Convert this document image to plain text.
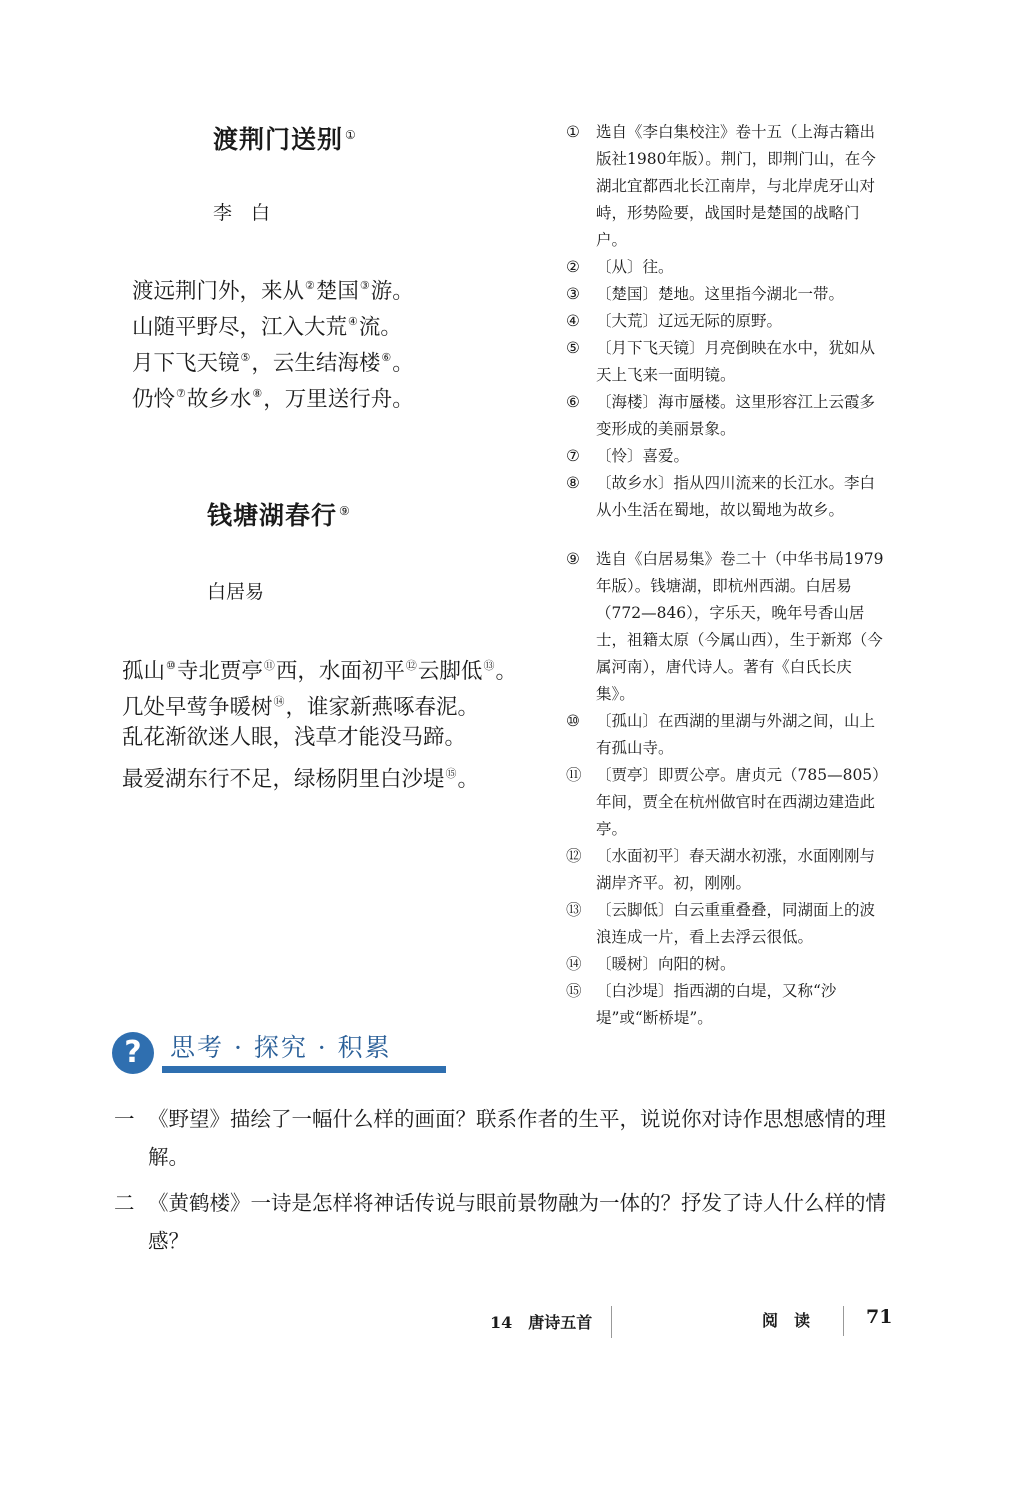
渡荆门送别 ①
李　白
渡远荆门外，来从②楚国③游。
山随平野尽，江入大荒④流。
月下飞天镜⑤，云生结海楼⑥。
仍怜⑦故乡水⑧，万里送行舟。
钱塘湖春行 ⑨
白居易
孤山⑩寺北贾亭⑪西，水面初平⑫云脚低⑬。
几处早莺争暖树⑭，谁家新燕啄春泥。
乱花渐欲迷人眼，浅草才能没马蹄。
最爱湖东行不足，绿杨阴里白沙堤⑮。
①	选自《李白集校注》卷十五（上海古籍出版社1980年版）。荆门，即荆门山，在今湖北宜都西北长江南岸，与北岸虎牙山对峙，形势险要，战国时是楚国的战略门户。
②	〔从〕往。
③	〔楚国〕楚地。这里指今湖北一带。
④	〔大荒〕辽远无际的原野。
⑤	〔月下飞天镜〕月亮倒映在水中，犹如从天上飞来一面明镜。
⑥	〔海楼〕海市蜃楼。这里形容江上云霞多变形成的美丽景象。
⑦	〔怜〕喜爱。
⑧	〔故乡水〕指从四川流来的长江水。李白从小生活在蜀地，故以蜀地为故乡。
⑨	选自《白居易集》卷二十（中华书局1979年版）。钱塘湖，即杭州西湖。白居易（772—846），字乐天，晚年号香山居士，祖籍太原（今属山西），生于新郑（今属河南），唐代诗人。著有《白氏长庆集》。
⑩	〔孤山〕在西湖的里湖与外湖之间，山上有孤山寺。
⑪ 〔贾亭〕即贾公亭。唐贞元（785—805）年间，贾全在杭州做官时在西湖边建造此亭。
⑫ 〔水面初平〕春天湖水初涨，水面刚刚与湖岸齐平。初，刚刚。
⑬ 〔云脚低〕白云重重叠叠，同湖面上的波浪连成一片，看上去浮云很低。
⑭ 〔暖树〕向阳的树。
⑮ 〔白沙堤〕指西湖的白堤，又称“沙堤”或“断桥堤”。
?	思考 · 探究 · 积累
一 《野望》描绘了一幅什么样的画面？联系作者的生平，说说你对诗作思想感情的理解。
二 《黄鹤楼》一诗是怎样将神话传说与眼前景物融为一体的？抒发了诗人什么样的情感？
14　唐诗五首	阅　读	71
